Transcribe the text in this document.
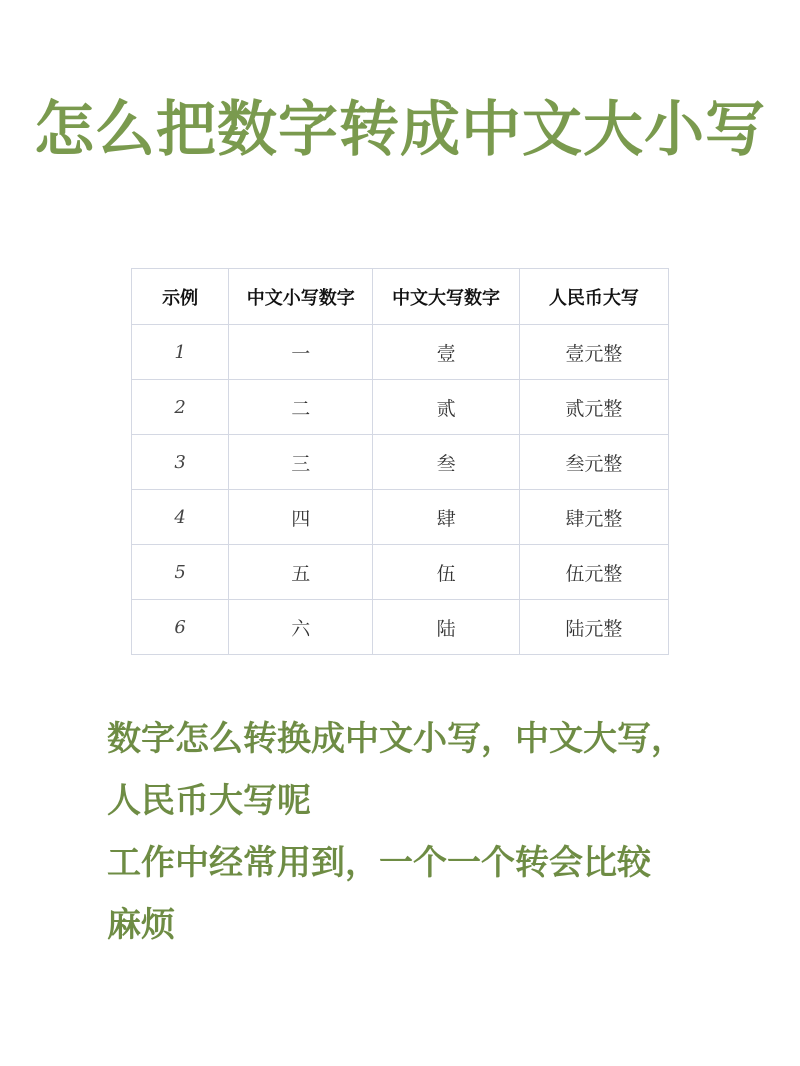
怎么把数字转成中文大小写
示例	中文小写数字	中文大写数字	人民币大写
1	一	壹	壹元整
2	二	贰	贰元整
3	三	叁	叁元整
4	四	肆	肆元整
5	五	伍	伍元整
6	六	陆	陆元整

数字怎么转换成中文小写，中文大写，

人民币大写呢

工作中经常用到，一个一个转会比较

麻烦
